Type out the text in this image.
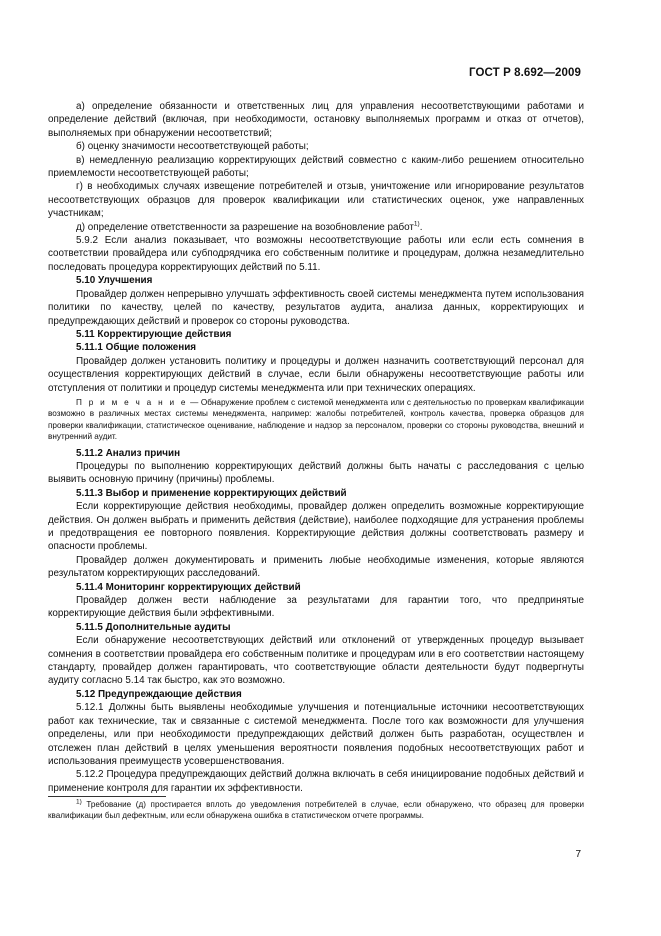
ГОСТ Р 8.692—2009

а) определение обязанности и ответственных лиц для управления несоответствующими работами и определение действий (включая, при необходимости, остановку выполняемых программ и отказ от отчетов), выполняемых при обнаружении несоответствий;

б) оценку значимости несоответствующей работы;

в) немедленную реализацию корректирующих действий совместно с каким-либо решением относительно приемлемости несоответствующей работы;

г) в необходимых случаях извещение потребителей и отзыв, уничтожение или игнорирование результатов несоответствующих образцов для проверок квалификации или статистических оценок, уже направленных участникам;

д) определение ответственности за разрешение на возобновление работ$^{1)}$.

5.9.2 Если анализ показывает, что возможны несоответствующие работы или если есть сомнения в соответствии провайдера или субподрядчика его собственным политике и процедурам, должна незамедлительно последовать процедура корректирующих действий по 5.11.

5.10 Улучшения

Провайдер должен непрерывно улучшать эффективность своей системы менеджмента путем использования политики по качеству, целей по качеству, результатов аудита, анализа данных, корректирующих и предупреждающих действий и проверок со стороны руководства.

5.11 Корректирующие действия

5.11.1 Общие положения

Провайдер должен установить политику и процедуры и должен назначить соответствующий персонал для осуществления корректирующих действий в случае, если были обнаружены несоответствующие работы или отступления от политики и процедур системы менеджмента или при технических операциях.

П р и м е ч а н и е — Обнаружение проблем с системой менеджмента или с деятельностью по проверкам квалификации возможно в различных местах системы менеджмента, например: жалобы потребителей, контроль качества, проверка образцов для проверки квалификации, статистическое оценивание, наблюдение и надзор за персоналом, проверки со стороны руководства, внешний и внутренний аудит.

5.11.2 Анализ причин

Процедуры по выполнению корректирующих действий должны быть начаты с расследования с целью выявить основную причину (причины) проблемы.

5.11.3 Выбор и применение корректирующих действий

Если корректирующие действия необходимы, провайдер должен определить возможные корректирующие действия. Он должен выбрать и применить действия (действие), наиболее подходящие для устранения проблемы и предотвращения ее повторного появления. Корректирующие действия должны соответствовать размеру и опасности проблемы.

Провайдер должен документировать и применить любые необходимые изменения, которые являются результатом корректирующих расследований.

5.11.4 Мониторинг корректирующих действий

Провайдер должен вести наблюдение за результатами для гарантии того, что предпринятые корректирующие действия были эффективными.

5.11.5 Дополнительные аудиты

Если обнаружение несоответствующих действий или отклонений от утвержденных процедур вызывает сомнения в соответствии провайдера его собственным политике и процедурам или в его соответствии настоящему стандарту, провайдер должен гарантировать, что соответствующие области деятельности будут подвергнуты аудиту согласно 5.14 так быстро, как это возможно.

5.12 Предупреждающие действия

5.12.1 Должны быть выявлены необходимые улучшения и потенциальные источники несоответствующих работ как технические, так и связанные с системой менеджмента. После того как возможности для улучшения определены, или при необходимости предупреждающих действий должен быть разработан, осуществлен и отслежен план действий в целях уменьшения вероятности появления подобных несоответствующих работ и использования преимуществ усовершенствования.

5.12.2 Процедура предупреждающих действий должна включать в себя инициирование подобных действий и применение контроля для гарантии их эффективности.

$^{1)}$ Требование (д) простирается вплоть до уведомления потребителей в случае, если обнаружено, что образец для проверки квалификации был дефектным, или если обнаружена ошибка в статистическом отчете программы.

7
